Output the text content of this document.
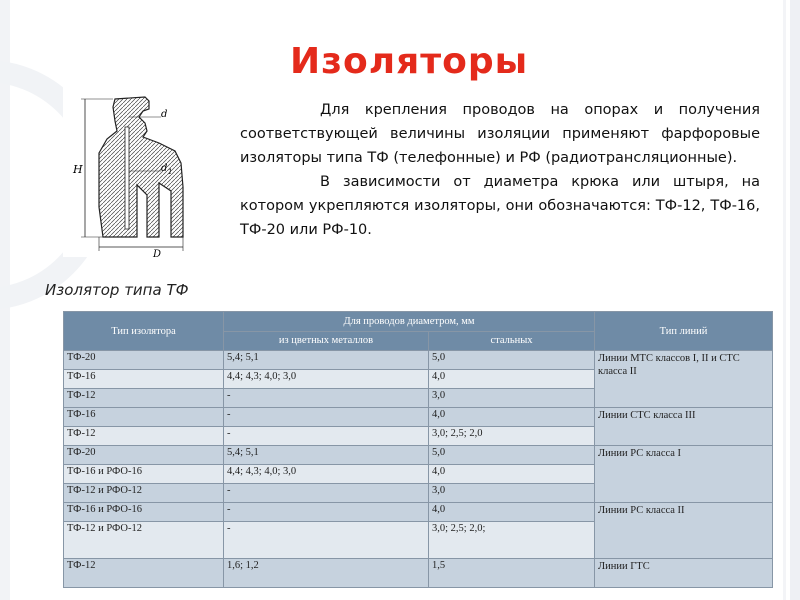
Изоляторы
H
d
d 1
D
Изолятор типа ТФ

Для крепления проводов на опорах и получения соответствующей величины изоляции применяют фарфоровые изоляторы типа ТФ (телефонные) и РФ (радиотрансляционные).

В зависимости от диаметра крюка или штыря, на котором укрепляются изоляторы, они обозначаются: ТФ-12, ТФ-16, ТФ-20 или РФ-10.

Тип изолятора	Для проводов диаметром, мм		Тип линий
	из цветных металлов	стальных	
ТФ-20	5,4; 5,1	5,0	Линии МТС классов I, II и СТС класса II
ТФ-16	4,4; 4,3; 4,0; 3,0	4,0	
ТФ-12	-	3,0	
ТФ-16	-	4,0	Линии СТС класса III
ТФ-12	-	3,0; 2,5; 2,0	
ТФ-20	5,4; 5,1	5,0	Линии РС класса I
ТФ-16 и РФО-16	4,4; 4,3; 4,0; 3,0	4,0	
ТФ-12 и РФО-12	-	3,0	
ТФ-16 и РФО-16	-	4,0	Линии РС класса II
ТФ-12 и РФО-12	-	3,0; 2,5; 2,0;	
ТФ-12	1,6; 1,2	1,5	Линии ГТС
